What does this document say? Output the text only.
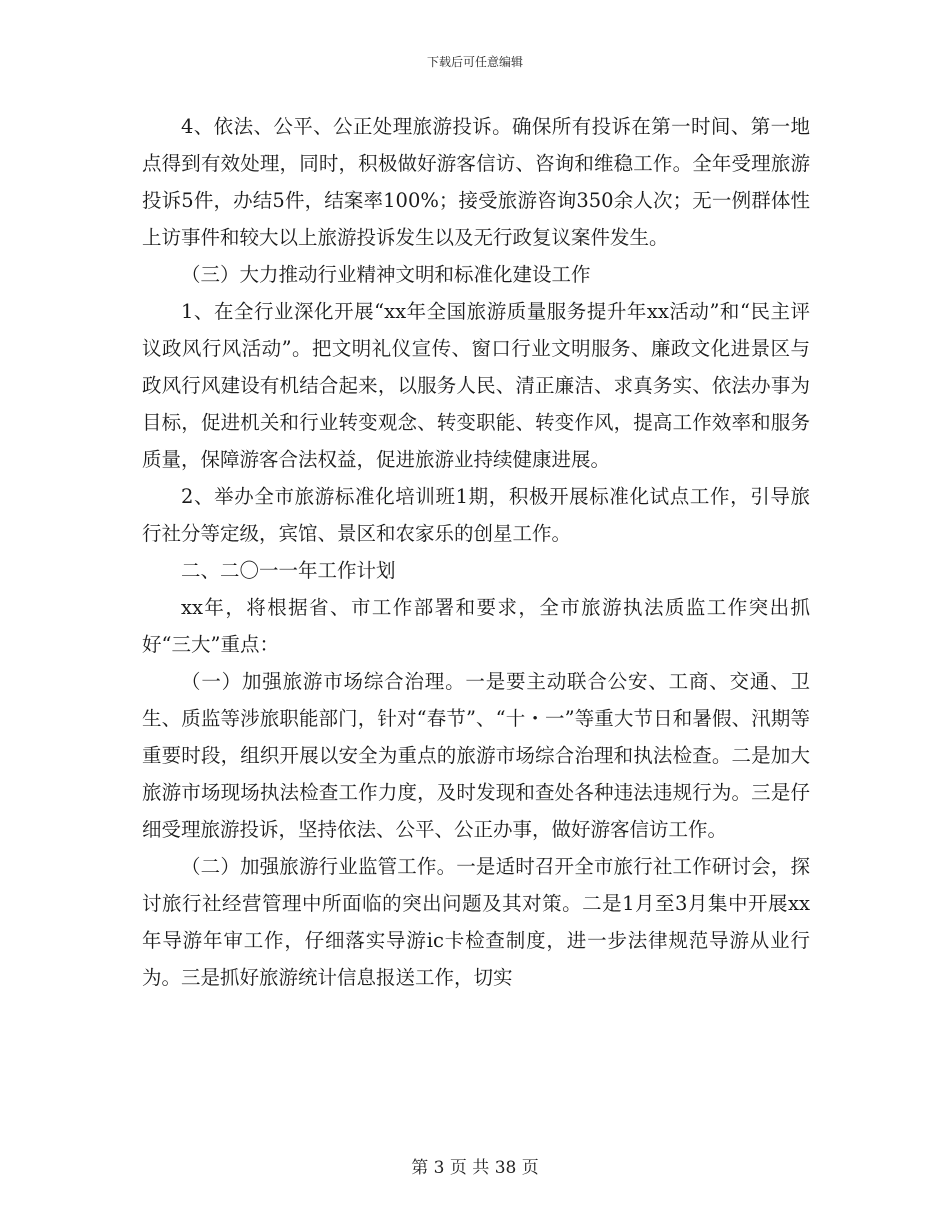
下载后可任意编辑

4、依法、公平、公正处理旅游投诉。确保所有投诉在第一时间、第一地点得到有效处理，同时，积极做好游客信访、咨询和维稳工作。全年受理旅游投诉5件，办结5件，结案率100%；接受旅游咨询350余人次；无一例群体性上访事件和较大以上旅游投诉发生以及无行政复议案件发生。

（三）大力推动行业精神文明和标准化建设工作

1、在全行业深化开展“xx年全国旅游质量服务提升年xx活动”和“民主评议政风行风活动”。把文明礼仪宣传、窗口行业文明服务、廉政文化进景区与政风行风建设有机结合起来，以服务人民、清正廉洁、求真务实、依法办事为目标，促进机关和行业转变观念、转变职能、转变作风，提高工作效率和服务质量，保障游客合法权益，促进旅游业持续健康进展。

2、举办全市旅游标准化培训班1期，积极开展标准化试点工作，引导旅行社分等定级，宾馆、景区和农家乐的创星工作。

二、二〇一一年工作计划

xx年，将根据省、市工作部署和要求，全市旅游执法质监工作突出抓好“三大”重点：

（一）加强旅游市场综合治理。一是要主动联合公安、工商、交通、卫生、质监等涉旅职能部门，针对“春节”、“十・一”等重大节日和暑假、汛期等重要时段，组织开展以安全为重点的旅游市场综合治理和执法检查。二是加大旅游市场现场执法检查工作力度，及时发现和查处各种违法违规行为。三是仔细受理旅游投诉，坚持依法、公平、公正办事，做好游客信访工作。

（二）加强旅游行业监管工作。一是适时召开全市旅行社工作研讨会，探讨旅行社经营管理中所面临的突出问题及其对策。二是1月至3月集中开展xx年导游年审工作，仔细落实导游ic卡检查制度，进一步法律规范导游从业行为。三是抓好旅游统计信息报送工作，切实

第 3 页 共 38 页
